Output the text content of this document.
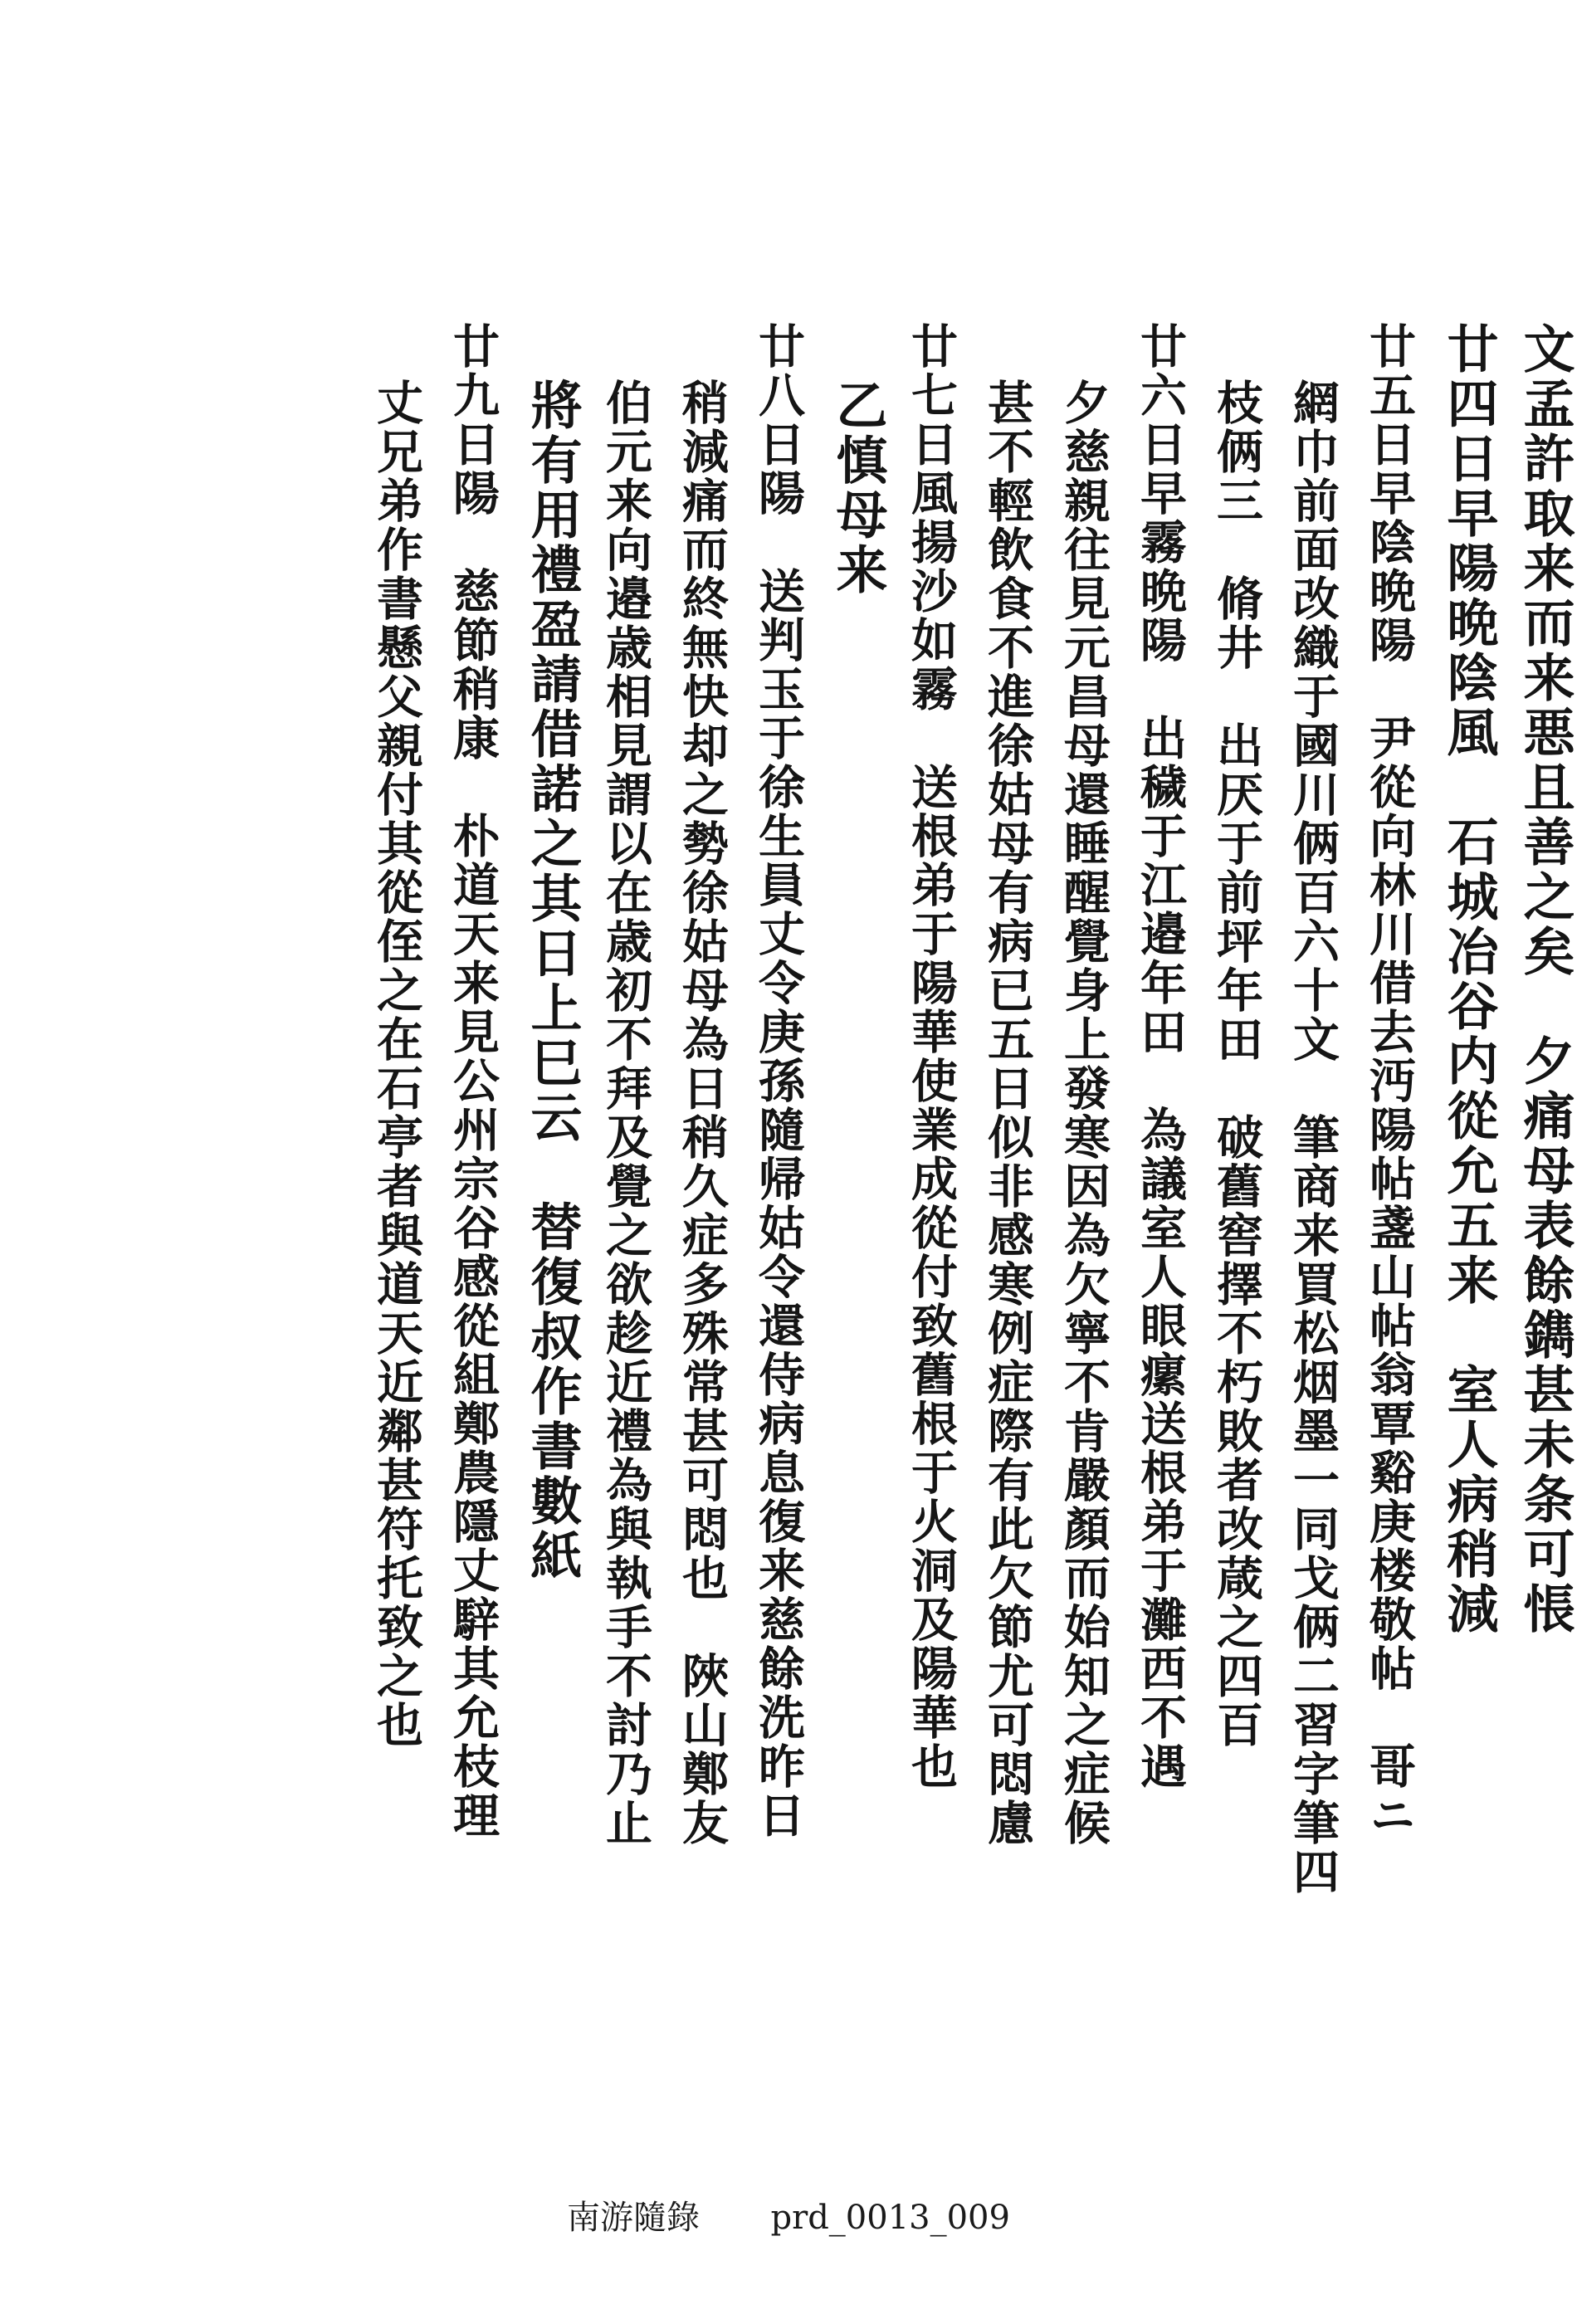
文孟許取来而来悪且善之矣　夕痛母表餘鐫甚未条可悵
廿四日早陽晩陰風　石城冶谷内從允五来　室人病稍減
廿五日早陰晩陽　尹從向林川借去沔陽帖盞山帖翁覃谿庚楼敬帖　哥ニ
網巾前面改織于國川俩百六十文　筆商来買松烟墨一同戈俩二習字筆四
枝俩三　脩井　出厌于前坪年田　破舊窖擇不朽敗者改葴之四百
廿六日早霧晩陽　出穢于江邉年田　為議室人眼瘰送根弟于灘西不遇
夕慈親往見元昌母還睡醒覺身上發寒因為欠寧不肯嚴顏而始知之症候
甚不輕飲食不進徐姑母有病已五日似非感寒例症際有此欠節尤可悶慮
廿七日風揚沙如霧　送根弟于陽華使業成從付致舊根于火洞及陽華也
乙慎母来
廿八日陽　送判玉于徐生員丈令庚孫隨帰姑令還侍病息復来慈餘洗昨日
稍減痛而終無快却之勢徐姑母為日稍久症多殊常甚可悶也　陜山鄭友
伯元来向邉歳相見謂以在歳初不拜及覺之欲趁近禮為與執手不討乃止
將有用禮盈請借諾之其日上巳云　替復叔作書數紙
廿九日陽　慈節稍康　朴道天来見公州宗谷感從組鄭農隱丈騂其允枝理
丈兄弟作書懸父親付其從侄之在石亭者與道天近鄰甚符托致之也
南游隨錄 prd_0013_009
